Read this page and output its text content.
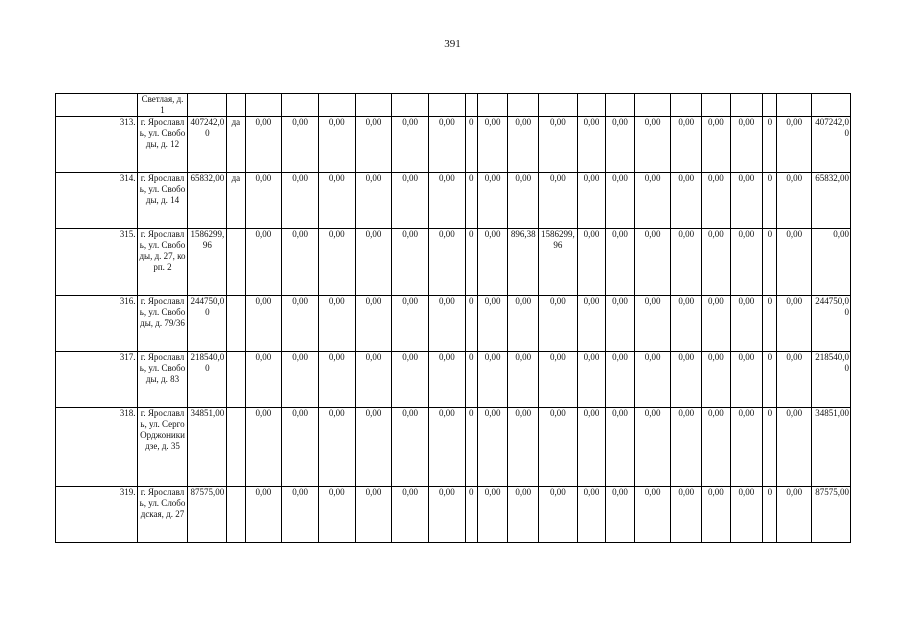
391
	Светлая, д. 1																					
313.	г. Ярославль, ул. Свободы, д. 12	407242,00	да	0,00	0,00	0,00	0,00	0,00	0,00	0	0,00	0,00	0,00	0,00	0,00	0,00	0,00	0,00	0,00	0	0,00	407242,00
314.	г. Ярославль, ул. Свободы, д. 14	65832,00	да	0,00	0,00	0,00	0,00	0,00	0,00	0	0,00	0,00	0,00	0,00	0,00	0,00	0,00	0,00	0,00	0	0,00	65832,00
315.	г. Ярославль, ул. Свободы, д. 27, корп. 2	1586299,96		0,00	0,00	0,00	0,00	0,00	0,00	0	0,00	896,38	1586299,96	0,00	0,00	0,00	0,00	0,00	0,00	0	0,00	0,00
316.	г. Ярославль, ул. Свободы, д. 79/36	244750,00		0,00	0,00	0,00	0,00	0,00	0,00	0	0,00	0,00	0,00	0,00	0,00	0,00	0,00	0,00	0,00	0	0,00	244750,00
317.	г. Ярославль, ул. Свободы, д. 83	218540,00		0,00	0,00	0,00	0,00	0,00	0,00	0	0,00	0,00	0,00	0,00	0,00	0,00	0,00	0,00	0,00	0	0,00	218540,00
318.	г. Ярославль, ул. Серго Орджоникидзе, д. 35	34851,00		0,00	0,00	0,00	0,00	0,00	0,00	0	0,00	0,00	0,00	0,00	0,00	0,00	0,00	0,00	0,00	0	0,00	34851,00
319.	г. Ярославль, ул. Слободская, д. 27	87575,00		0,00	0,00	0,00	0,00	0,00	0,00	0	0,00	0,00	0,00	0,00	0,00	0,00	0,00	0,00	0,00	0	0,00	87575,00
